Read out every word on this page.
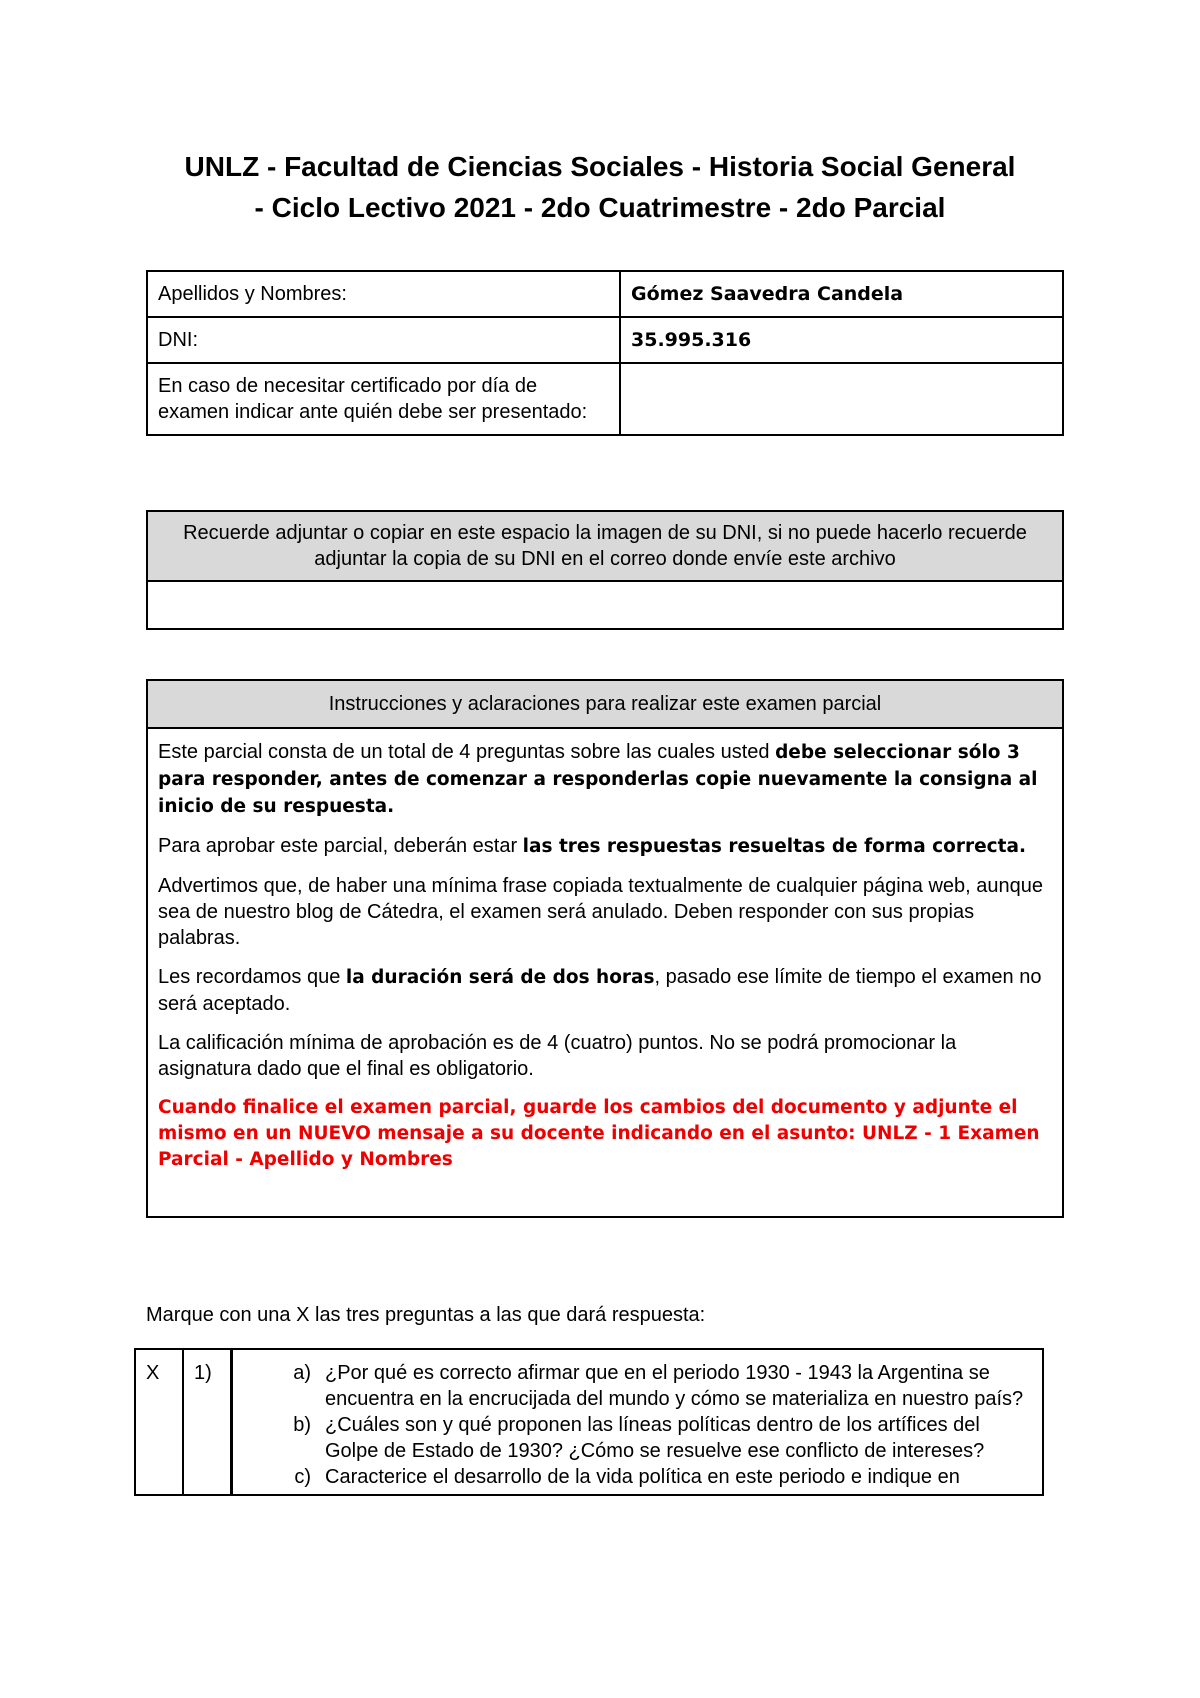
UNLZ - Facultad de Ciencias Sociales - Historia Social General
- Ciclo Lectivo 2021 - 2do Cuatrimestre - 2do Parcial
Apellidos y Nombres:	Gómez Saavedra Candela
DNI:	35.995.316
En caso de necesitar certificado por día de examen indicar ante quién debe ser presentado:	
Recuerde adjuntar o copiar en este espacio la imagen de su DNI, si no puede hacerlo recuerde adjuntar la copia de su DNI en el correo donde envíe este archivo

Instrucciones y aclaraciones para realizar este examen parcial

Este parcial consta de un total de 4 preguntas sobre las cuales usted debe seleccionar sólo 3 para responder, antes de comenzar a responderlas copie nuevamente la consigna al inicio de su respuesta.

Para aprobar este parcial, deberán estar las tres respuestas resueltas de forma correcta.

Advertimos que, de haber una mínima frase copiada textualmente de cualquier página web, aunque sea de nuestro blog de Cátedra, el examen será anulado. Deben responder con sus propias palabras.

Les recordamos que la duración será de dos horas, pasado ese límite de tiempo el examen no será aceptado.

La calificación mínima de aprobación es de 4 (cuatro) puntos. No se podrá promocionar la asignatura dado que el final es obligatorio.

Cuando finalice el examen parcial, guarde los cambios del documento y adjunte el mismo en un NUEVO mensaje a su docente indicando en el asunto: UNLZ - 1 Examen Parcial - Apellido y Nombres

Marque con una X las tres preguntas a las que dará respuesta:
X	1)	a) ¿Por qué es correcto afirmar que en el periodo 1930 - 1943 la Argentina se encuentra en la encrucijada del mundo y cómo se materializa en nuestro país?
b) ¿Cuáles son y qué proponen las líneas políticas dentro de los artífices del Golpe de Estado de 1930? ¿Cómo se resuelve ese conflicto de intereses?
c) Caracterice el desarrollo de la vida política en este periodo e indique en
